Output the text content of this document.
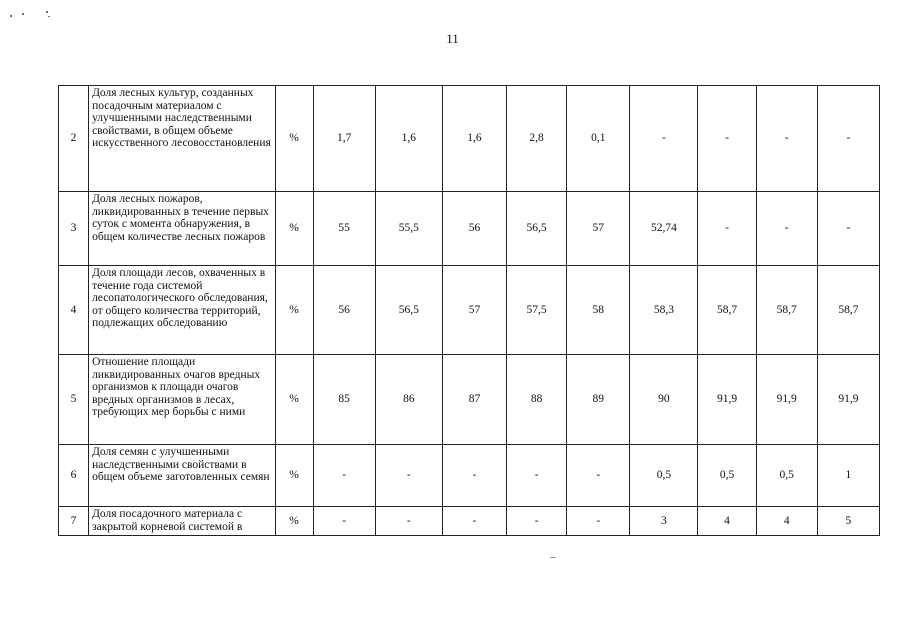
11
2	Доля лесных культур, созданных посадочным материалом с улучшенными наследственными свойствами, в общем объеме искусственного лесовосстановления	%	1,7	1,6	1,6	2,8	0,1	-	-	-	-
3	Доля лесных пожаров, ликвидированных в течение первых суток с момента обнаружения, в общем количестве лесных пожаров	%	55	55,5	56	56,5	57	52,74	-	-	-
4	Доля площади лесов, охваченных в течение года системой лесопатологического обследования, от общего количества территорий, подлежащих обследованию	%	56	56,5	57	57,5	58	58,3	58,7	58,7	58,7
5	Отношение площади ликвидированных очагов вредных организмов к площади очагов вредных организмов в лесах, требующих мер борьбы с ними	%	85	86	87	88	89	90	91,9	91,9	91,9
6	Доля семян с улучшенными наследственными свойствами в общем объеме заготовленных семян	%	-	-	-	-	-	0,5	0,5	0,5	1
7	Доля посадочного материала с закрытой корневой системой в	%	-	-	-	-	-	3	4	4	5
